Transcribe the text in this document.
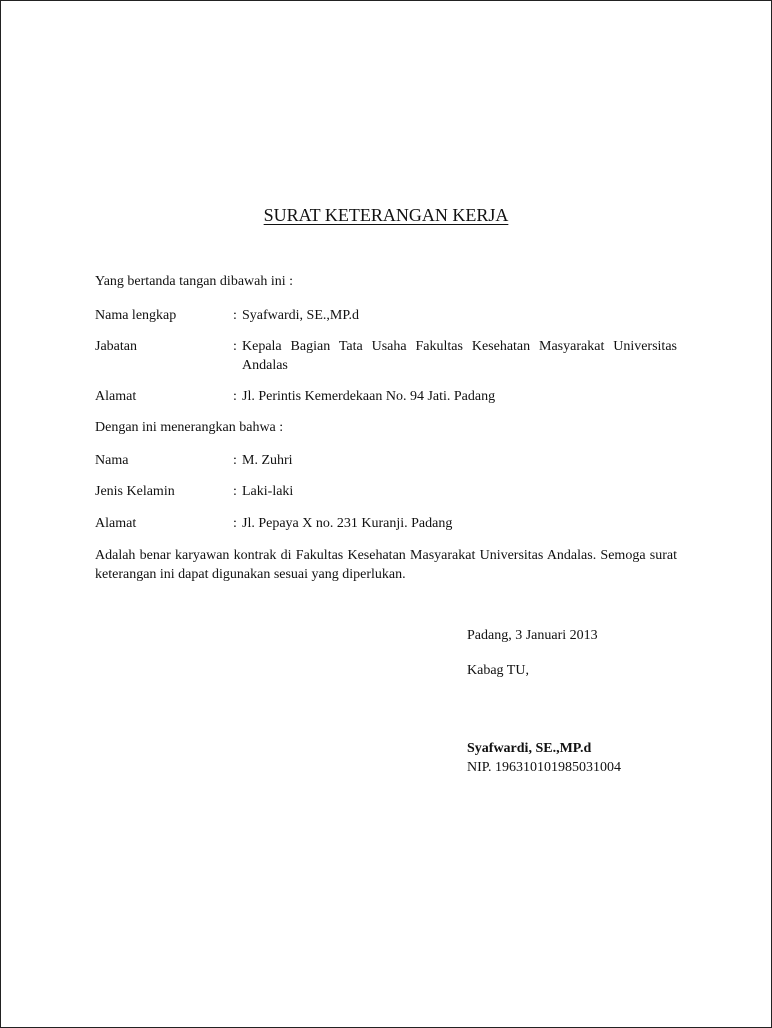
SURAT KETERANGAN KERJA
Yang bertanda tangan dibawah ini :
Nama lengkap	: Syafwardi, SE.,MP.d
Jabatan	: Kepala Bagian Tata Usaha Fakultas Kesehatan Masyarakat Universitas Andalas
Alamat	: Jl. Perintis Kemerdekaan No. 94 Jati. Padang
Dengan ini menerangkan bahwa :
Nama	: M. Zuhri
Jenis Kelamin	: Laki-laki
Alamat	: Jl. Pepaya X no. 231 Kuranji. Padang
Adalah benar karyawan kontrak di Fakultas Kesehatan Masyarakat Universitas Andalas. Semoga surat keterangan ini dapat digunakan sesuai yang diperlukan.
Padang, 3 Januari 2013
Kabag TU,
Syafwardi, SE.,MP.d
NIP. 196310101985031004
